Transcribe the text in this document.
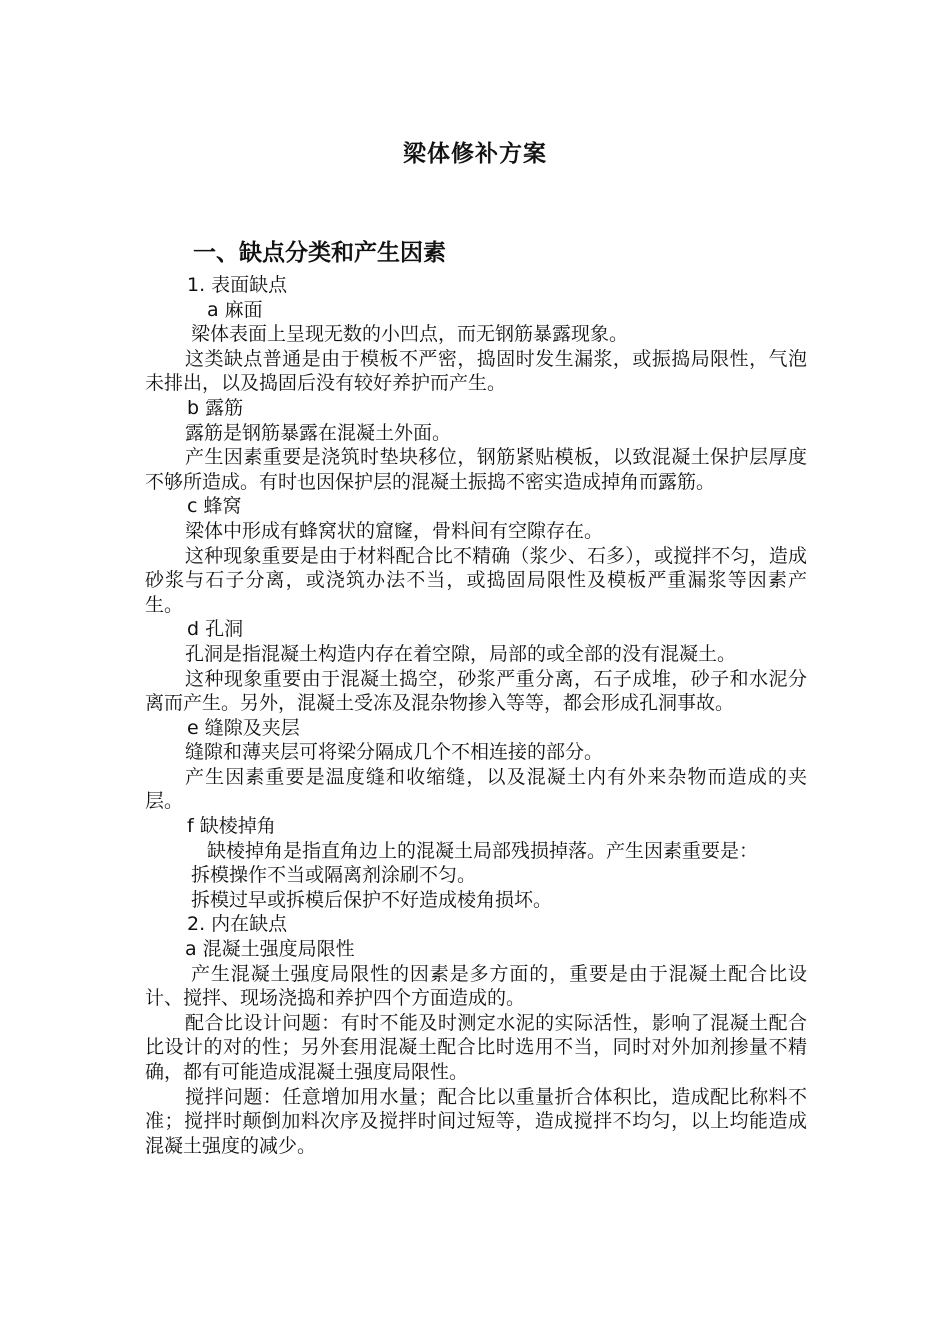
梁体修补方案
一、缺点分类和产生因素

1. 表面缺点

a 麻面

梁体表面上呈现无数的小凹点，而无钢筋暴露现象。

这类缺点普通是由于模板不严密，捣固时发生漏浆，或振捣局限性，气泡未排出，以及捣固后没有较好养护而产生。

b 露筋

露筋是钢筋暴露在混凝土外面。

产生因素重要是浇筑时垫块移位，钢筋紧贴模板，以致混凝土保护层厚度不够所造成。有时也因保护层的混凝土振捣不密实造成掉角而露筋。

c 蜂窝

梁体中形成有蜂窝状的窟窿，骨料间有空隙存在。

这种现象重要是由于材料配合比不精确（浆少、石多），或搅拌不匀，造成砂浆与石子分离，或浇筑办法不当，或捣固局限性及模板严重漏浆等因素产生。

d 孔洞

孔洞是指混凝土构造内存在着空隙，局部的或全部的没有混凝土。

这种现象重要由于混凝土捣空，砂浆严重分离，石子成堆，砂子和水泥分离而产生。另外，混凝土受冻及混杂物掺入等等，都会形成孔洞事故。

e 缝隙及夹层

缝隙和薄夹层可将梁分隔成几个不相连接的部分。

产生因素重要是温度缝和收缩缝，以及混凝土内有外来杂物而造成的夹层。

f 缺棱掉角

缺棱掉角是指直角边上的混凝土局部残损掉落。产生因素重要是：

拆模操作不当或隔离剂涂刷不匀。

拆模过早或拆模后保护不好造成棱角损坏。

2. 内在缺点

a 混凝土强度局限性

产生混凝土强度局限性的因素是多方面的，重要是由于混凝土配合比设计、搅拌、现场浇捣和养护四个方面造成的。

配合比设计问题：有时不能及时测定水泥的实际活性，影响了混凝土配合比设计的对的性；另外套用混凝土配合比时选用不当，同时对外加剂掺量不精确，都有可能造成混凝土强度局限性。

搅拌问题：任意增加用水量；配合比以重量折合体积比，造成配比称料不准；搅拌时颠倒加料次序及搅拌时间过短等，造成搅拌不均匀，以上均能造成混凝土强度的减少。
